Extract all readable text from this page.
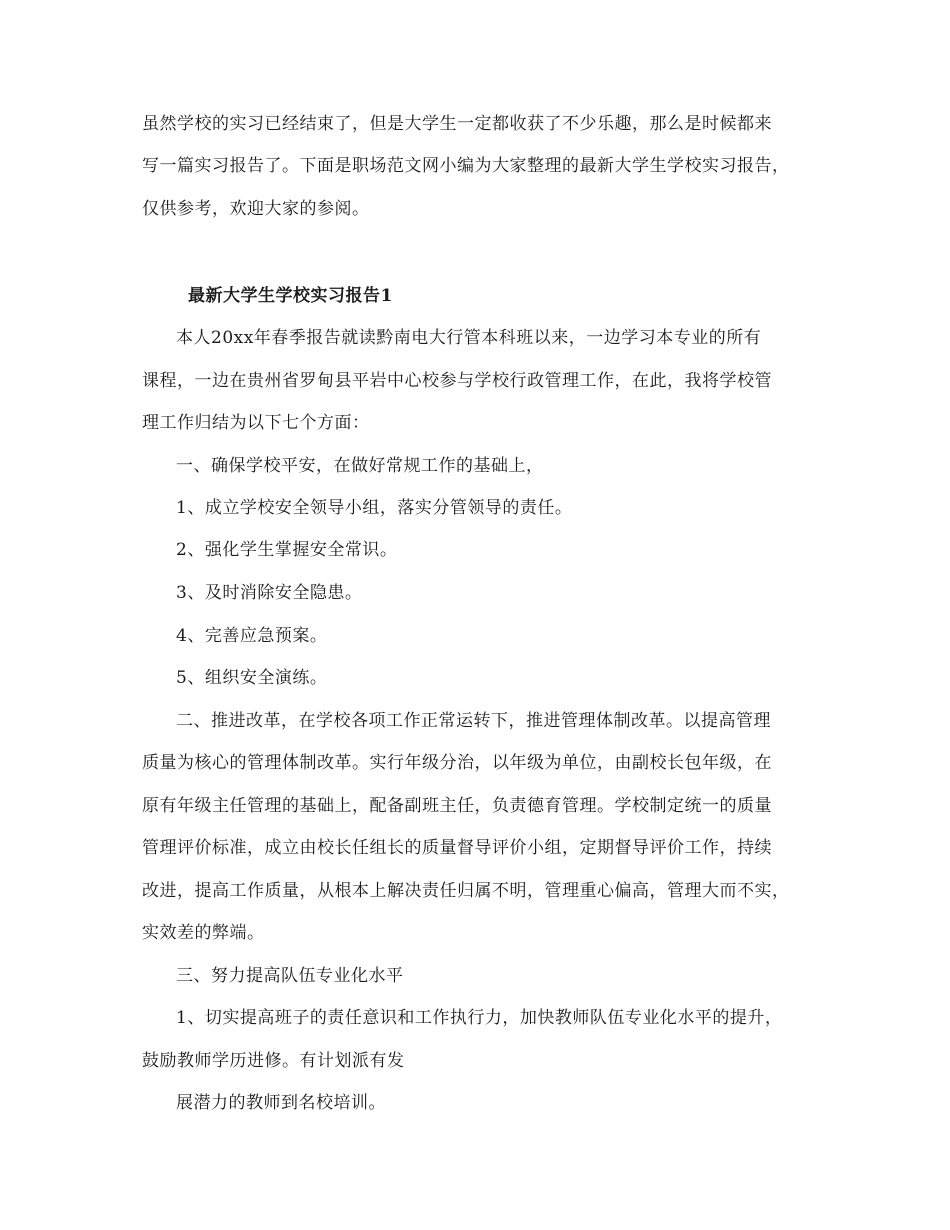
虽然学校的实习已经结束了，但是大学生一定都收获了不少乐趣，那么是时候都来
写一篇实习报告了。下面是职场范文网小编为大家整理的最新大学生学校实习报告，
仅供参考，欢迎大家的参阅。
最新大学生学校实习报告1
本人20xx年春季报告就读黔南电大行管本科班以来，一边学习本专业的所有
课程，一边在贵州省罗甸县平岩中心校参与学校行政管理工作，在此，我将学校管
理工作归结为以下七个方面：
一、确保学校平安，在做好常规工作的基础上，
1、成立学校安全领导小组，落实分管领导的责任。
2、强化学生掌握安全常识。
3、及时消除安全隐患。
4、完善应急预案。
5、组织安全演练。
二、推进改革，在学校各项工作正常运转下，推进管理体制改革。以提高管理
质量为核心的管理体制改革。实行年级分治，以年级为单位，由副校长包年级，在
原有年级主任管理的基础上，配备副班主任，负责德育管理。学校制定统一的质量
管理评价标准，成立由校长任组长的质量督导评价小组，定期督导评价工作，持续
改进，提高工作质量，从根本上解决责任归属不明，管理重心偏高，管理大而不实，
实效差的弊端。
三、努力提高队伍专业化水平
1、切实提高班子的责任意识和工作执行力，加快教师队伍专业化水平的提升，
鼓励教师学历进修。有计划派有发
展潜力的教师到名校培训。
